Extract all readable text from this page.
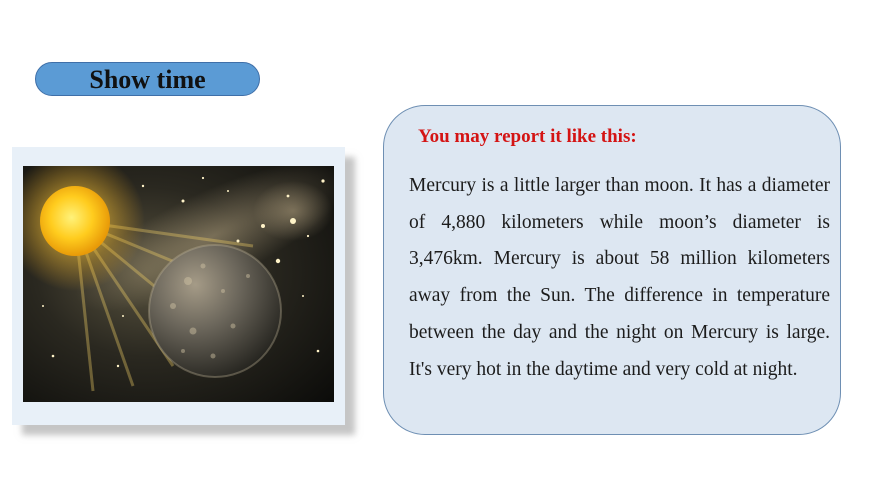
Show time
You may report it like this:
Mercury is a little larger than moon. It has a diameter of 4,880 kilometers while moon’s diameter is 3,476km. Mercury is about 58 million kilometers away from the Sun. The difference in temperature between the day and the night on Mercury is large. It's very hot in the daytime and very cold at night.
